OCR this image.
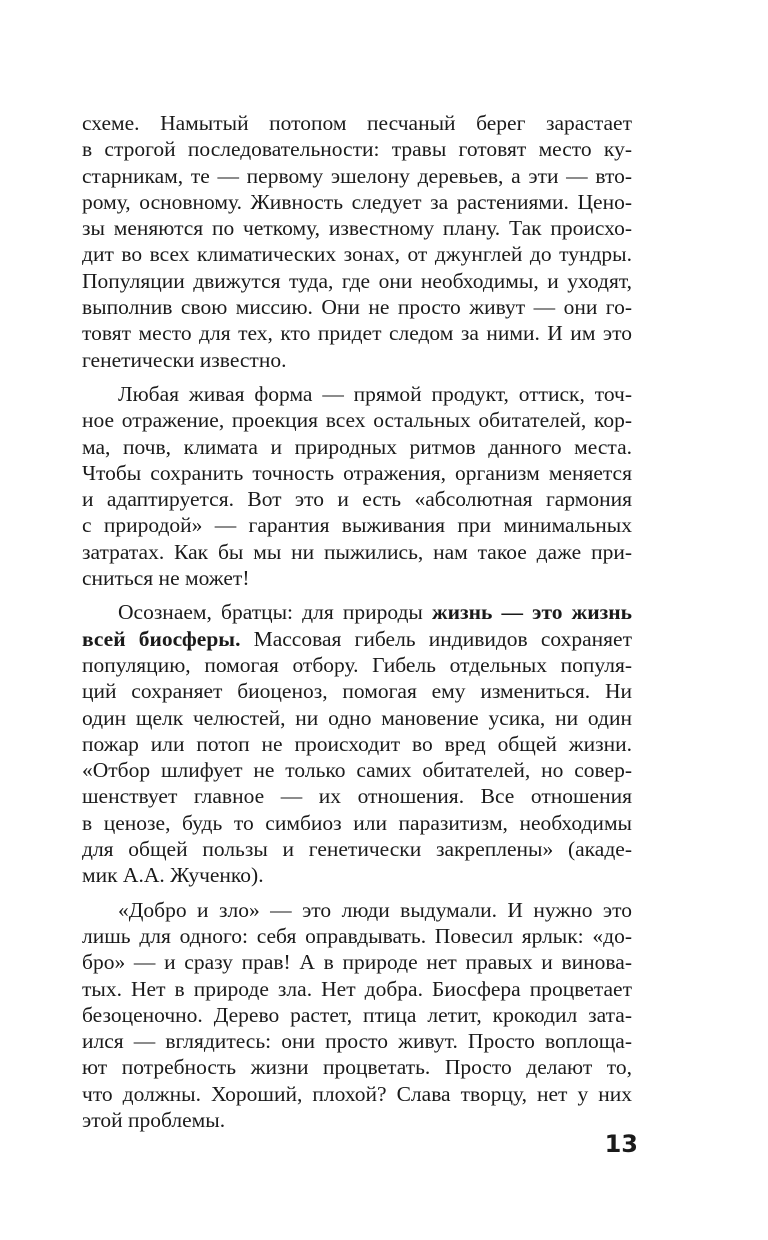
схеме. Намытый потопом песчаный берег зарастает
в строгой последовательности: травы готовят место ку-
старникам, те — первому эшелону деревьев, а эти — вто-
рому, основному. Живность следует за растениями. Цено-
зы меняются по четкому, известному плану. Так происхо-
дит во всех климатических зонах, от джунглей до тундры.
Популяции движутся туда, где они необходимы, и уходят,
выполнив свою миссию. Они не просто живут — они го-
товят место для тех, кто придет следом за ними. И им это
генетически известно.
Любая живая форма — прямой продукт, оттиск, точ-
ное отражение, проекция всех остальных обитателей, кор-
ма, почв, климата и природных ритмов данного места.
Чтобы сохранить точность отражения, организм меняется
и адаптируется. Вот это и есть «абсолютная гармония
с природой» — гарантия выживания при минимальных
затратах. Как бы мы ни пыжились, нам такое даже при-
сниться не может!
Осознаем, братцы: для природы жизнь — это жизнь
всей биосферы. Массовая гибель индивидов сохраняет
популяцию, помогая отбору. Гибель отдельных популя-
ций сохраняет биоценоз, помогая ему измениться. Ни
один щелк челюстей, ни одно мановение усика, ни один
пожар или потоп не происходит во вред общей жизни.
«Отбор шлифует не только самих обитателей, но совер-
шенствует главное — их отношения. Все отношения
в ценозе, будь то симбиоз или паразитизм, необходимы
для общей пользы и генетически закреплены» (акаде-
мик А.А. Жученко).
«Добро и зло» — это люди выдумали. И нужно это
лишь для одного: себя оправдывать. Повесил ярлык: «до-
бро» — и сразу прав! А в природе нет правых и винова-
тых. Нет в природе зла. Нет добра. Биосфера процветает
безоценочно. Дерево растет, птица летит, крокодил зата-
ился — вглядитесь: они просто живут. Просто воплоща-
ют потребность жизни процветать. Просто делают то,
что должны. Хороший, плохой? Слава творцу, нет у них
этой проблемы.
13
